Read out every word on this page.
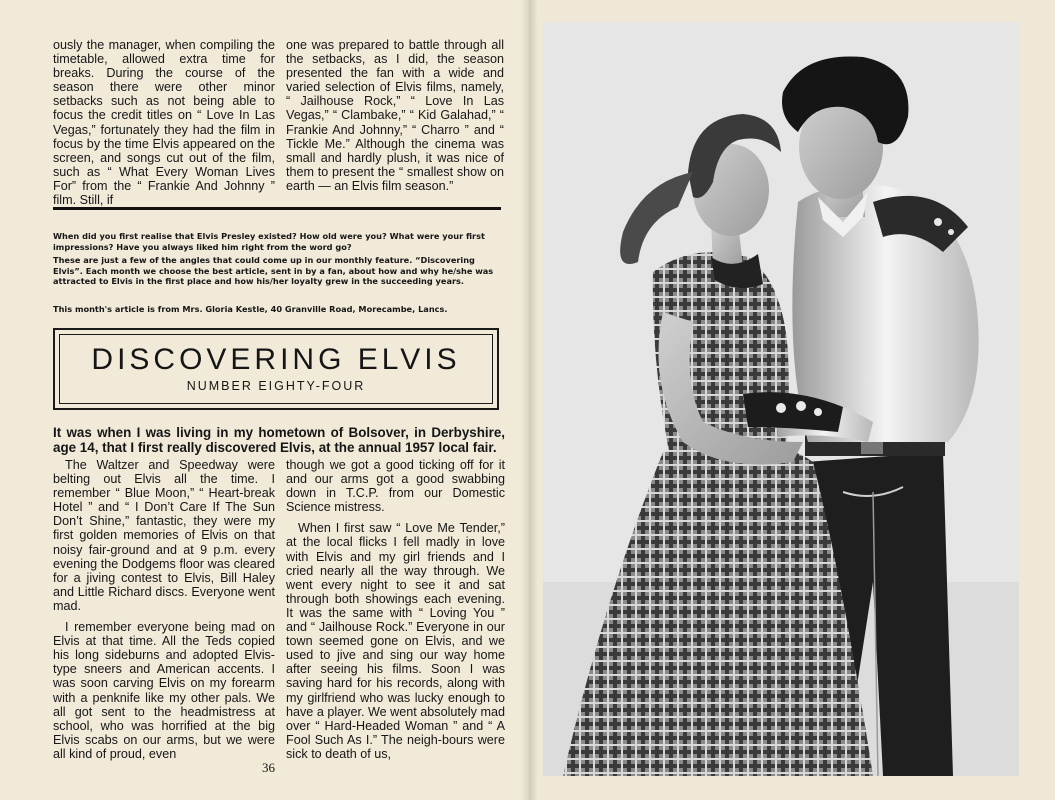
ously the manager, when compiling the timetable, allowed extra time for breaks. During the course of the season there were other minor setbacks such as not being able to focus the credit titles on “ Love In Las Vegas,” fortunately they had the film in focus by the time Elvis appeared on the screen, and songs cut out of the film, such as “ What Every Woman Lives For” from the “ Frankie And Johnny ” film. Still, if

one was prepared to battle through all the setbacks, as I did, the season presented the fan with a wide and varied selection of Elvis films, namely, “ Jailhouse Rock,” “ Love In Las Vegas,” “ Clambake,” “ Kid Galahad,” “ Frankie And Johnny,” “ Charro ” and “ Tickle Me.” Although the cinema was small and hardly plush, it was nice of them to present the “ smallest show on earth — an Elvis film season.”

When did you first realise that Elvis Presley existed? How old were you? What were your first impressions? Have you always liked him right from the word go?
These are just a few of the angles that could come up in our monthly feature. “Discovering Elvis”. Each month we choose the best article, sent in by a fan, about how and why he/she was attracted to Elvis in the first place and how his/her loyalty grew in the succeeding years.
This month's article is from Mrs. Gloria Kestle, 40 Granville Road, Morecambe, Lancs.
DISCOVERING ELVIS
NUMBER EIGHTY-FOUR
It was when I was living in my hometown of Bolsover, in Derbyshire, age 14, that I first really discovered Elvis, at the annual 1957 local fair.

The Waltzer and Speedway were belting out Elvis all the time. I remember “ Blue Moon,” “ Heart-break Hotel ” and “ I Don’t Care If The Sun Don’t Shine,” fantastic, they were my first golden memories of Elvis on that noisy fair-ground and at 9 p.m. every evening the Dodgems floor was cleared for a jiving contest to Elvis, Bill Haley and Little Richard discs. Everyone went mad.

I remember everyone being mad on Elvis at that time. All the Teds copied his long sideburns and adopted Elvis-type sneers and American accents. I was soon carving Elvis on my forearm with a penknife like my other pals. We all got sent to the headmistress at school, who was horrified at the big Elvis scabs on our arms, but we were all kind of proud, even

though we got a good ticking off for it and our arms got a good swabbing down in T.C.P. from our Domestic Science mistress.

When I first saw “ Love Me Tender,” at the local flicks I fell madly in love with Elvis and my girl friends and I cried nearly all the way through. We went every night to see it and sat through both showings each evening. It was the same with “ Loving You ” and “ Jailhouse Rock.” Everyone in our town seemed gone on Elvis, and we used to jive and sing our way home after seeing his films. Soon I was saving hard for his records, along with my girlfriend who was lucky enough to have a player. We went absolutely mad over “ Hard-Headed Woman ” and “ A Fool Such As I.” The neigh-bours were sick to death of us,

36
